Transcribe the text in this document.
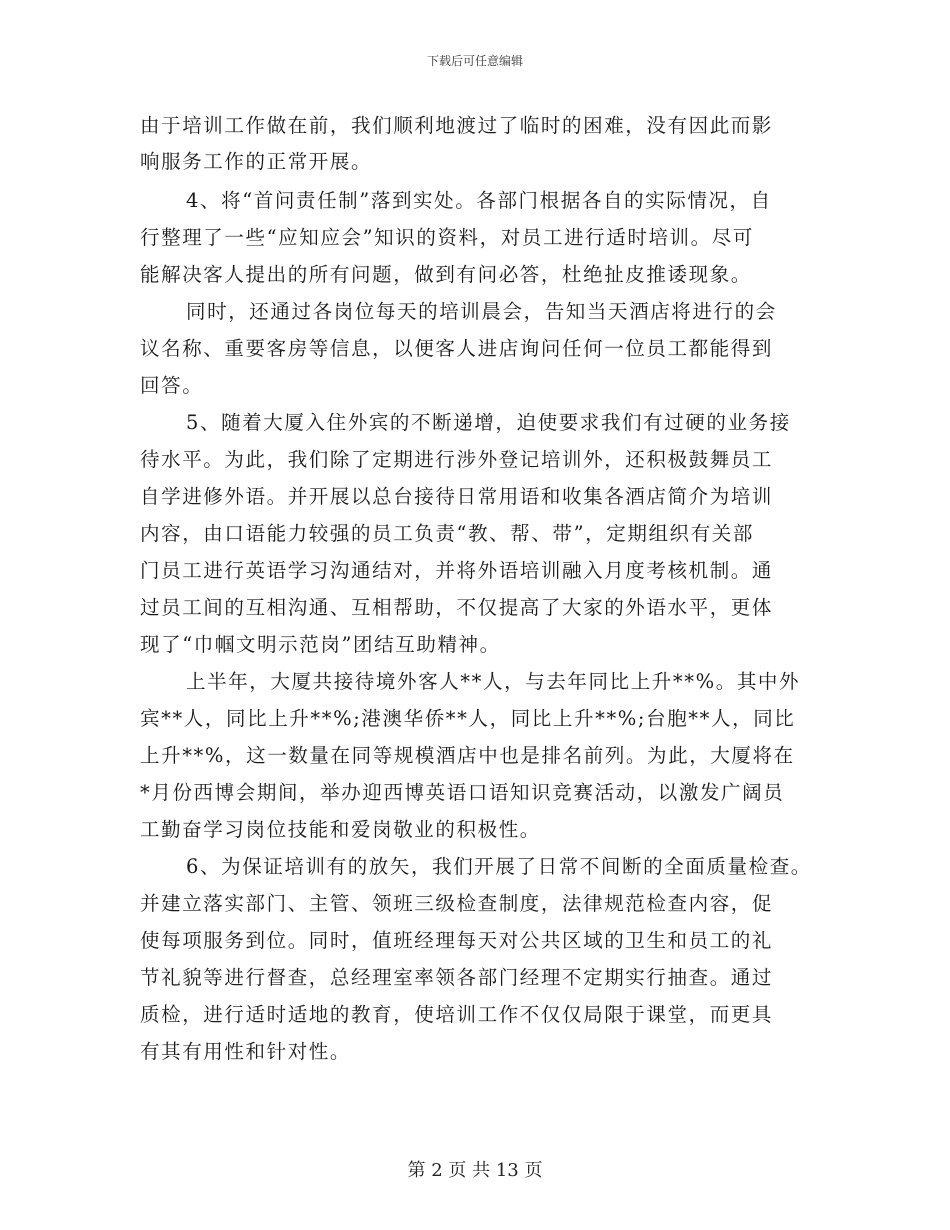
下载后可任意编辑
由于培训工作做在前，我们顺利地渡过了临时的困难，没有因此而影
响服务工作的正常开展。
4、将“首问责任制”落到实处。各部门根据各自的实际情况，自
行整理了一些“应知应会”知识的资料，对员工进行适时培训。尽可
能解决客人提出的所有问题，做到有问必答，杜绝扯皮推诿现象。
同时，还通过各岗位每天的培训晨会，告知当天酒店将进行的会
议名称、重要客房等信息，以便客人进店询问任何一位员工都能得到
回答。
5、随着大厦入住外宾的不断递增，迫使要求我们有过硬的业务接
待水平。为此，我们除了定期进行涉外登记培训外，还积极鼓舞员工
自学进修外语。并开展以总台接待日常用语和收集各酒店简介为培训
内容，由口语能力较强的员工负责“教、帮、带”，定期组织有关部
门员工进行英语学习沟通结对，并将外语培训融入月度考核机制。通
过员工间的互相沟通、互相帮助，不仅提高了大家的外语水平，更体
现了“巾帼文明示范岗”团结互助精神。
上半年，大厦共接待境外客人**人，与去年同比上升**%。其中外
宾**人，同比上升**%;港澳华侨**人，同比上升**%;台胞**人，同比
上升**%，这一数量在同等规模酒店中也是排名前列。为此，大厦将在
*月份西博会期间，举办迎西博英语口语知识竞赛活动，以激发广阔员
工勤奋学习岗位技能和爱岗敬业的积极性。
6、为保证培训有的放矢，我们开展了日常不间断的全面质量检查。
并建立落实部门、主管、领班三级检查制度，法律规范检查内容，促
使每项服务到位。同时，值班经理每天对公共区域的卫生和员工的礼
节礼貌等进行督查，总经理室率领各部门经理不定期实行抽查。通过
质检，进行适时适地的教育，使培训工作不仅仅局限于课堂，而更具
有其有用性和针对性。
第 2 页 共 13 页
